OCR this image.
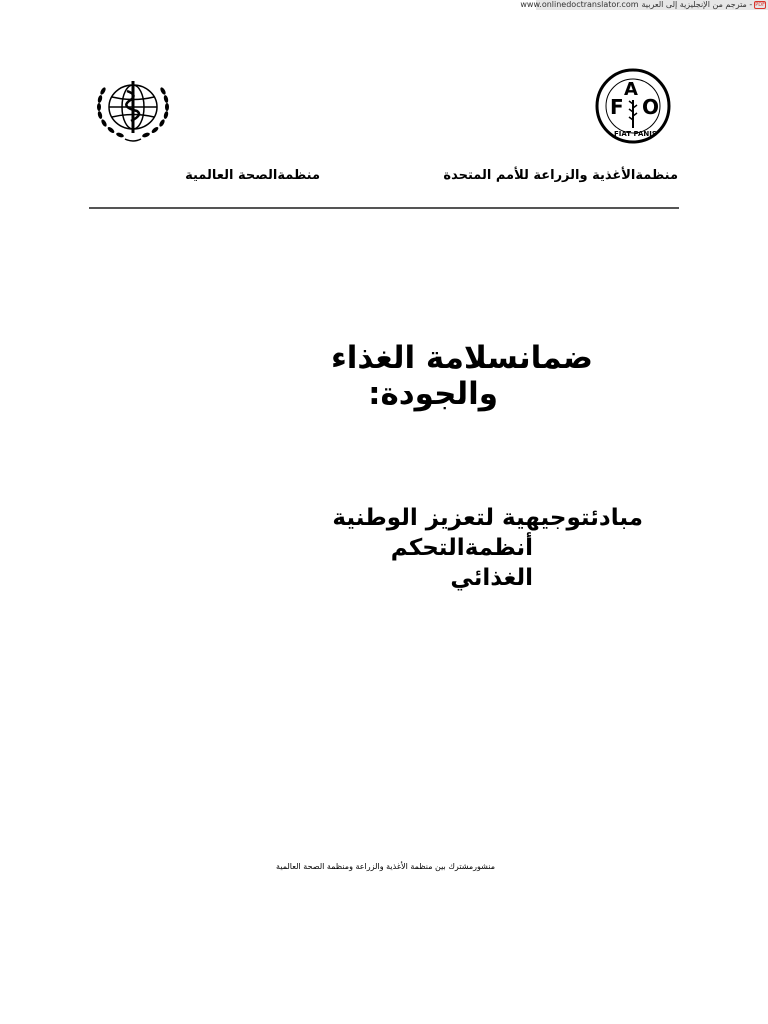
www.onlinedoctranslator.com مترجم من الإنجليزية إلى العربية - PDF
F
A
O
FIAT PANIS
منظمةالأغذية والزراعة للأمم المتحدة
منظمةالصحة العالمية
ضمانسلامة الغذاء
والجودة:
مبادئتوجيهية لتعزيز الوطنية
أنظمةالتحكم الغذائي
منشورمشترك بين منظمة الأغذية والزراعة ومنظمة الصحة العالمية
